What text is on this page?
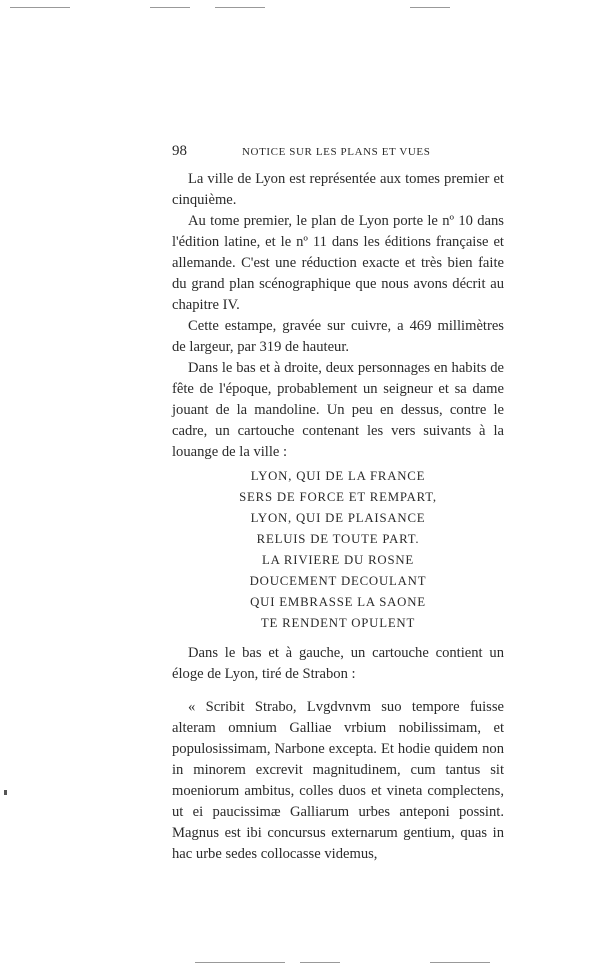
98	NOTICE SUR LES PLANS ET VUES

La ville de Lyon est représentée aux tomes premier et cinquième.

Au tome premier, le plan de Lyon porte le nº 10 dans l'édition latine, et le nº 11 dans les éditions française et allemande. C'est une réduction exacte et très bien faite du grand plan scénographique que nous avons décrit au chapitre IV.

Cette estampe, gravée sur cuivre, a 469 millimètres de largeur, par 319 de hauteur.

Dans le bas et à droite, deux personnages en habits de fête de l'époque, probablement un seigneur et sa dame jouant de la mandoline. Un peu en dessus, contre le cadre, un cartouche contenant les vers suivants à la louange de la ville :

LYON, QUI DE LA FRANCE
SERS DE FORCE ET REMPART,
LYON, QUI DE PLAISANCE
RELUIS DE TOUTE PART.
LA RIVIERE DU ROSNE
DOUCEMENT DECOULANT
QUI EMBRASSE LA SAONE
TE RENDENT OPULENT

Dans le bas et à gauche, un cartouche contient un éloge de Lyon, tiré de Strabon :

« Scribit Strabo, Lvgdvnvm suo tempore fuisse alteram omnium Galliae vrbium nobilissimam, et populosissimam, Narbone excepta. Et hodie quidem non in minorem excrevit magnitudinem, cum tantus sit moeniorum ambitus, colles duos et vineta complectens, ut ei paucissimæ Galliarum urbes anteponi possint. Magnus est ibi concursus externarum gentium, quas in hac urbe sedes collocasse videmus,
